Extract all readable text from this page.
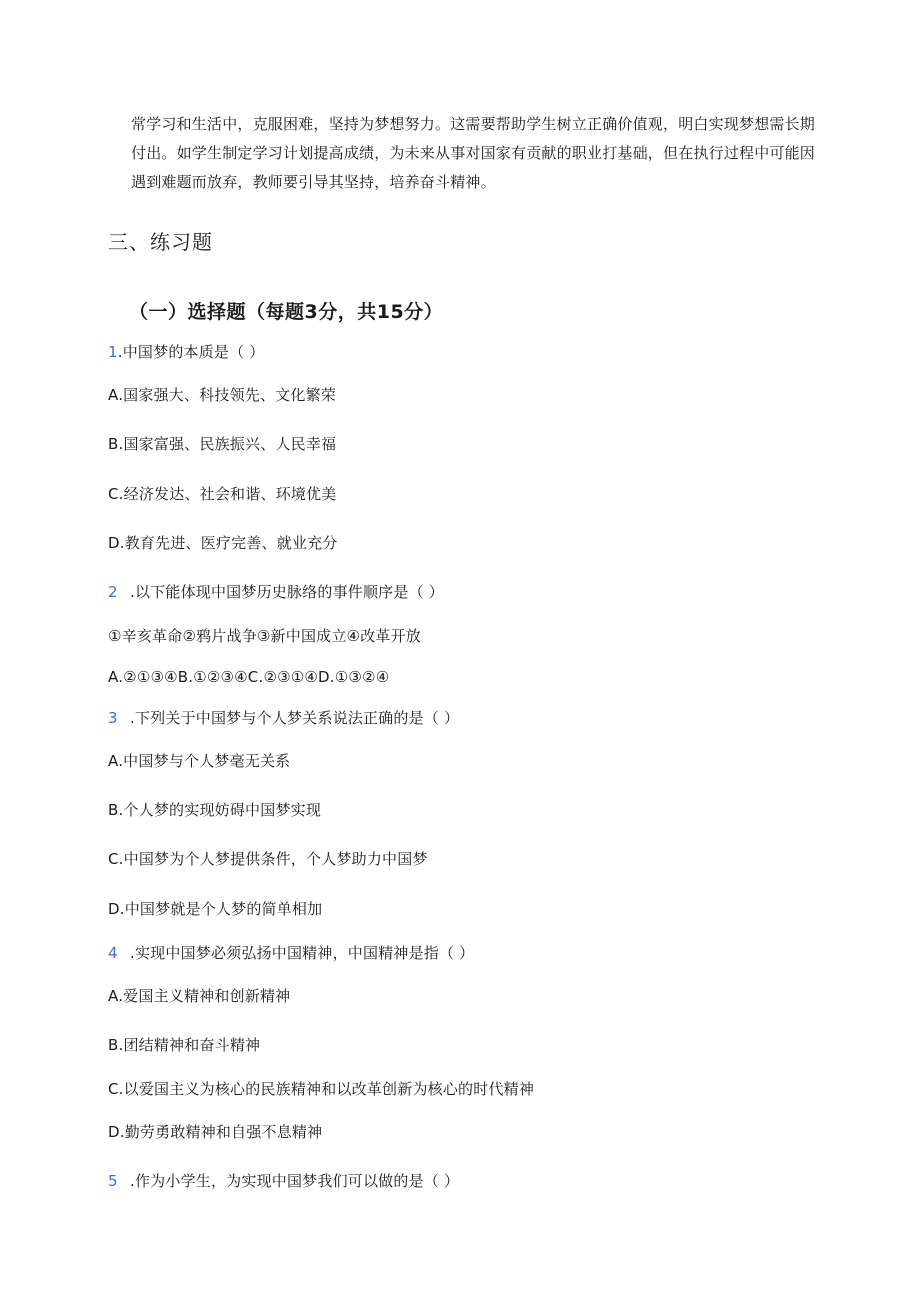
常学习和生活中，克服困难，坚持为梦想努力。这需要帮助学生树立正确价值观，明白实现梦想需长期付出。如学生制定学习计划提高成绩，为未来从事对国家有贡献的职业打基础，但在执行过程中可能因遇到难题而放弃，教师要引导其坚持，培养奋斗精神。

三、练习题
（一）选择题（每题3分，共15分）
1.中国梦的本质是（ ）
A.国家强大、科技领先、文化繁荣
B.国家富强、民族振兴、人民幸福
C.经济发达、社会和谐、环境优美
D.教育先进、医疗完善、就业充分
2 .以下能体现中国梦历史脉络的事件顺序是（ ）
①辛亥革命②鸦片战争③新中国成立④改革开放
A.②①③④B.①②③④C.②③①④D.①③②④
3 .下列关于中国梦与个人梦关系说法正确的是（ ）
A.中国梦与个人梦毫无关系
B.个人梦的实现妨碍中国梦实现
C.中国梦为个人梦提供条件，个人梦助力中国梦
D.中国梦就是个人梦的简单相加
4 .实现中国梦必须弘扬中国精神，中国精神是指（ ）
A.爱国主义精神和创新精神
B.团结精神和奋斗精神
C.以爱国主义为核心的民族精神和以改革创新为核心的时代精神
D.勤劳勇敢精神和自强不息精神
5 .作为小学生，为实现中国梦我们可以做的是（ ）
